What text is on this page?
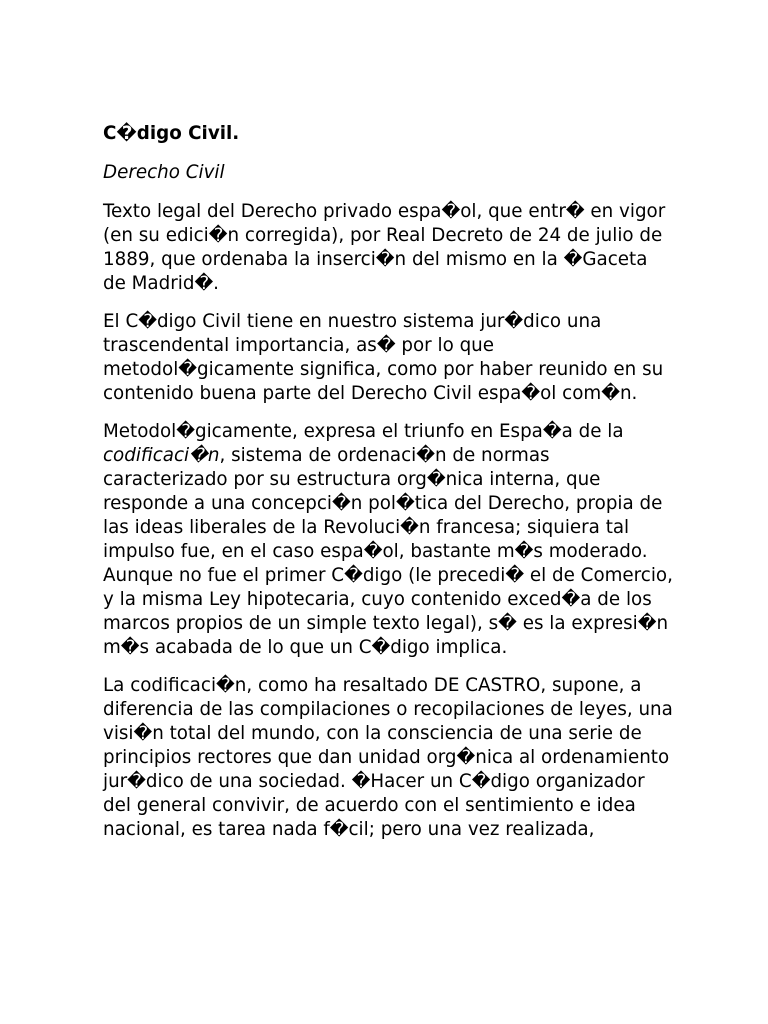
C�digo Civil.
Derecho Civil

Texto legal del Derecho privado espa�ol, que entr� en vigor (en su edici�n corregida), por Real Decreto de 24 de julio de 1889, que ordenaba la inserci�n del mismo en la �Gaceta de Madrid�.

El C�digo Civil tiene en nuestro sistema jur�dico una trascendental importancia, as� por lo que metodol�gicamente significa, como por haber reunido en su contenido buena parte del Derecho Civil espa�ol com�n.

Metodol�gicamente, expresa el triunfo en Espa�a de la codificaci�n, sistema de ordenaci�n de normas caracterizado por su estructura org�nica interna, que responde a una concepci�n pol�tica del Derecho, propia de las ideas liberales de la Revoluci�n francesa; siquiera tal impulso fue, en el caso espa�ol, bastante m�s moderado. Aunque no fue el primer C�digo (le precedi� el de Comercio, y la misma Ley hipotecaria, cuyo contenido exced�a de los marcos propios de un simple texto legal), s� es la expresi�n m�s acabada de lo que un C�digo implica.

La codificaci�n, como ha resaltado DE CASTRO, supone, a diferencia de las compilaciones o recopilaciones de leyes, una visi�n total del mundo, con la consciencia de una serie de principios rectores que dan unidad org�nica al ordenamiento jur�dico de una sociedad. �Hacer un C�digo organizador del general convivir, de acuerdo con el sentimiento e idea nacional, es tarea nada f�cil; pero una vez realizada,
